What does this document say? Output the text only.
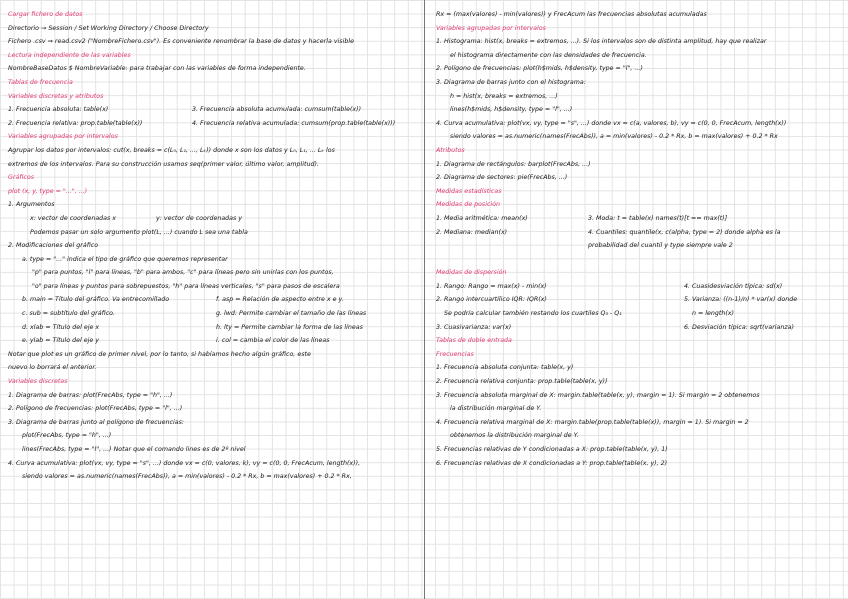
Cargar fichero de datos
Directorio → Session / Set Working Directory / Choose Directory
Fichero .csv ⇒ read.csv2 ("NombreFichero.csv"). Es conveniente renombrar la base de datos y hacerla visible
Lectura independiente de las variables
NombreBaseDatos $ NombreVariable: para trabajar con las variables de forma independiente.
Tablas de frecuencia
Variables discretas y atributos
1. Frecuencia absoluta: table(x)	3. Frecuencia absoluta acumulada: cumsum(table(x))
2. Frecuencia relativa: prop.table(table(x))	4. Frecuencia relativa acumulada: cumsum(prop.table(table(x)))
Variables agrupadas por intervalos
Agrupar los datos por intervalos: cut(x, breaks = c(L₀, L₁, ..., Lₖ)) donde x son los datos y L₀, L₁, ... Lₖ los
extremos de los intervalos. Para su construcción usamos seq(primer valor, último valor, amplitud).
Gráficos
plot (x, y, type = "...", ...)
1. Argumentos
x: vector de coordenadas x	y: vector de coordenadas y
Podemos pasar un solo argumento plot(L, ...) cuando L sea una tabla
2. Modificaciones del gráfico
a. type = "..." indica el tipo de gráfico que queremos representar
"p" para puntos, "l" para líneas, "b" para ambos, "c" para líneas pero sin unirlas con los puntos,
"o" para líneas y puntos para sobrepuestos, "h" para líneas verticales, "s" para pasos de escalera
b. main = Título del gráfico. Va entrecomillado	f. asp = Relación de aspecto entre x e y.
c. sub = subtítulo del gráfico.	g. lwd: Permite cambiar el tamaño de las líneas
d. xlab = Título del eje x	h. lty = Permite cambiar la forma de las líneas
e. ylab = Título del eje y	i. col = cambia el color de las líneas
Notar que plot es un gráfico de primer nivel, por lo tanto, si habíamos hecho algún gráfico, este
nuevo lo borrará el anterior.
Variables discretas
1. Diagrama de barras: plot(FrecAbs, type = "h", ...)
2. Polígono de frecuencias: plot(FrecAbs, type = "l", ...)
3. Diagrama de barras junto al polígono de frecuencias:
plot(FrecAbs, type = "h", ...)
lines(FrecAbs, type = "l", ...) Notar que el comando lines es de 2º nivel
4. Curva acumulativa: plot(vx, vy, type = "s", ...) donde vx = c(0, valores, k), vy = c(0, 0, FrecAcum, length(x)),
siendo valores = as.numeric(names(FrecAbs)), a = min(valores) - 0.2 * Rx, b = max(valores) + 0.2 * Rx,
Rx = (max(valores) - min(valores)) y FrecAcum las frecuencias absolutas acumuladas
Variables agrupadas por intervalos
1. Histograma: hist(x, breaks = extremos, ...). Si los intervalos son de distinta amplitud, hay que realizar
el histograma directamente con las densidades de frecuencia.
2. Polígono de frecuencias: plot(h$mids, h$density, type = "l", ...)
3. Diagrama de barras junto con el histograma:
h = hist(x, breaks = extremos, ...)
lines(h$mids, h$density, type = "l", ...)
4. Curva acumulativa: plot(vx, vy, type = "s", ...) donde vx = c(a, valores, b), vy = c(0, 0, FrecAcum, length(x))
siendo valores = as.numeric(names(FrecAbs)), a = min(valores) - 0.2 * Rx, b = max(valores) + 0.2 * Rx
Atributos
1. Diagrama de rectángulos: barplot(FrecAbs, ...)
2. Diagrama de sectores: pie(FrecAbs, ...)
Medidas estadísticas
Medidas de posición
1. Media aritmética: mean(x)	3. Moda: t = table(x) names(t)[t == max(t)]
2. Mediana: median(x)	4. Cuantiles: quantile(x, c(alpha, type = 2) donde alpha es la
probabilidad del cuantil y type siempre vale 2
Medidas de dispersión
1. Rango: Rango = max(x) - min(x)	4. Cuasidesviación típica: sd(x)
2. Rango intercuartílico IQR: IQR(x)	5. Varianza: ((n-1)/n) * var(x) donde
Se podría calcular también restando los cuartiles Q₃ - Q₁	n = length(x)
3. Cuasivarianza: var(x)	6. Desviación típica: sqrt(varianza)
Tablas de doble entrada
Frecuencias
1. Frecuencia absoluta conjunta: table(x, y)
2. Frecuencia relativa conjunta: prop.table(table(x, y))
3. Frecuencia absoluta marginal de X: margin.table(table(x, y), margin = 1). Si margin = 2 obtenemos
la distribución marginal de Y.
4. Frecuencia relativa marginal de X: margin.table(prop.table(table(x)), margin = 1). Si margin = 2
obtenemos la distribución marginal de Y.
5. Frecuencias relativas de Y condicionadas a X: prop.table(table(x, y), 1)
6. Frecuencias relativas de X condicionadas a Y: prop.table(table(x, y), 2)
